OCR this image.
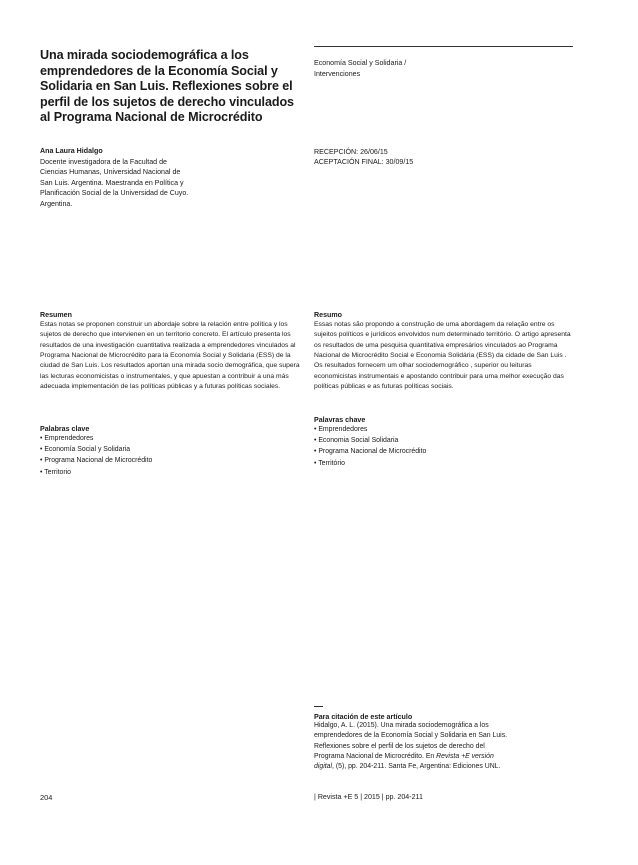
Una mirada sociodemográfica a los emprendedores de la Economía Social y Solidaria en San Luis. Reflexiones sobre el perfil de los sujetos de derecho vinculados al Programa Nacional de Microcrédito

Economía Social y Solidaria /

Intervenciones

Ana Laura Hidalgo
Docente investigadora de la Facultad de Ciencias Humanas, Universidad Nacional de San Luis. Argentina. Maestranda en Política y Planificación Social de la Universidad de Cuyo. Argentina.

RECEPCIÓN: 26/06/15

ACEPTACIÓN FINAL: 30/09/15

Resumen
Estas notas se proponen construir un abordaje sobre la relación entre política y los sujetos de derecho que intervienen en un territorio concreto. El artículo presenta los resultados de una investigación cuantitativa realizada a emprendedores vinculados al Programa Nacional de Microcrédito para la Economía Social y Solidaria (ESS) de la ciudad de San Luis. Los resultados aportan una mirada socio demográfica, que supera las lecturas economicistas o instrumentales, y que apuestan a contribuir a una más adecuada implementación de las políticas públicas y a futuras políticas sociales.
Resumo
Essas notas são propondo a construção de uma abordagem da relação entre os sujeitos políticos e jurídicos envolvidos num determinado território. O artigo apresenta os resultados de uma pesquisa quantitativa empresários vinculados ao Programa Nacional de Microcrédito Social e Economia Solidária (ESS) da cidade de San Luis . Os resultados fornecem um olhar sociodemográfico , superior ou leituras economicistas instrumentais e apostando contribuir para uma melhor execução das políticas públicas e as futuras políticas sociais.
Palabras clave
• Emprendedores
• Economía Social y Solidaria
• Programa Nacional de Microcrédito
• Territorio
Palavras chave
• Emprendedores
• Economia Social Solidaria
• Programa Nacional de Microcrédito
• Território
—
Para citación de este artículo
Hidalgo, A. L. (2015). Una mirada sociodemográfica a los emprendedores de la Economía Social y Solidaria en San Luis. Reflexiones sobre el perfil de los sujetos de derecho del Programa Nacional de Microcrédito. En Revista +E versión digital, (5), pp. 204-211. Santa Fe, Argentina: Ediciones UNL.
204	| Revista +E 5 | 2015 | pp. 204-211
